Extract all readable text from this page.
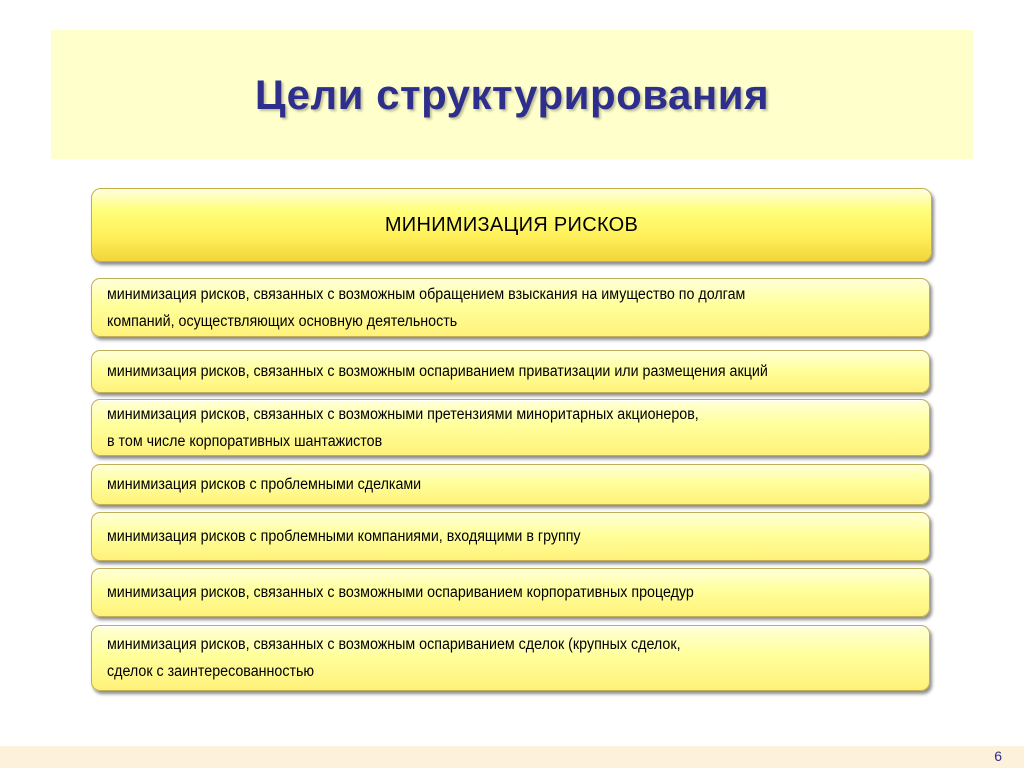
Цели структурирования
МИНИМИЗАЦИЯ РИСКОВ
минимизация рисков, связанных с возможным обращением взыскания на имущество по долгам
компаний, осуществляющих основную деятельность
минимизация рисков, связанных с возможным оспариванием приватизации или размещения акций
минимизация рисков, связанных с возможными претензиями миноритарных акционеров,
в том числе корпоративных шантажистов
минимизация рисков с проблемными сделками
минимизация рисков с проблемными компаниями, входящими в группу
минимизация рисков, связанных с возможными оспариванием корпоративных процедур
минимизация рисков, связанных с возможным оспариванием сделок (крупных сделок,
сделок с заинтересованностью
6
